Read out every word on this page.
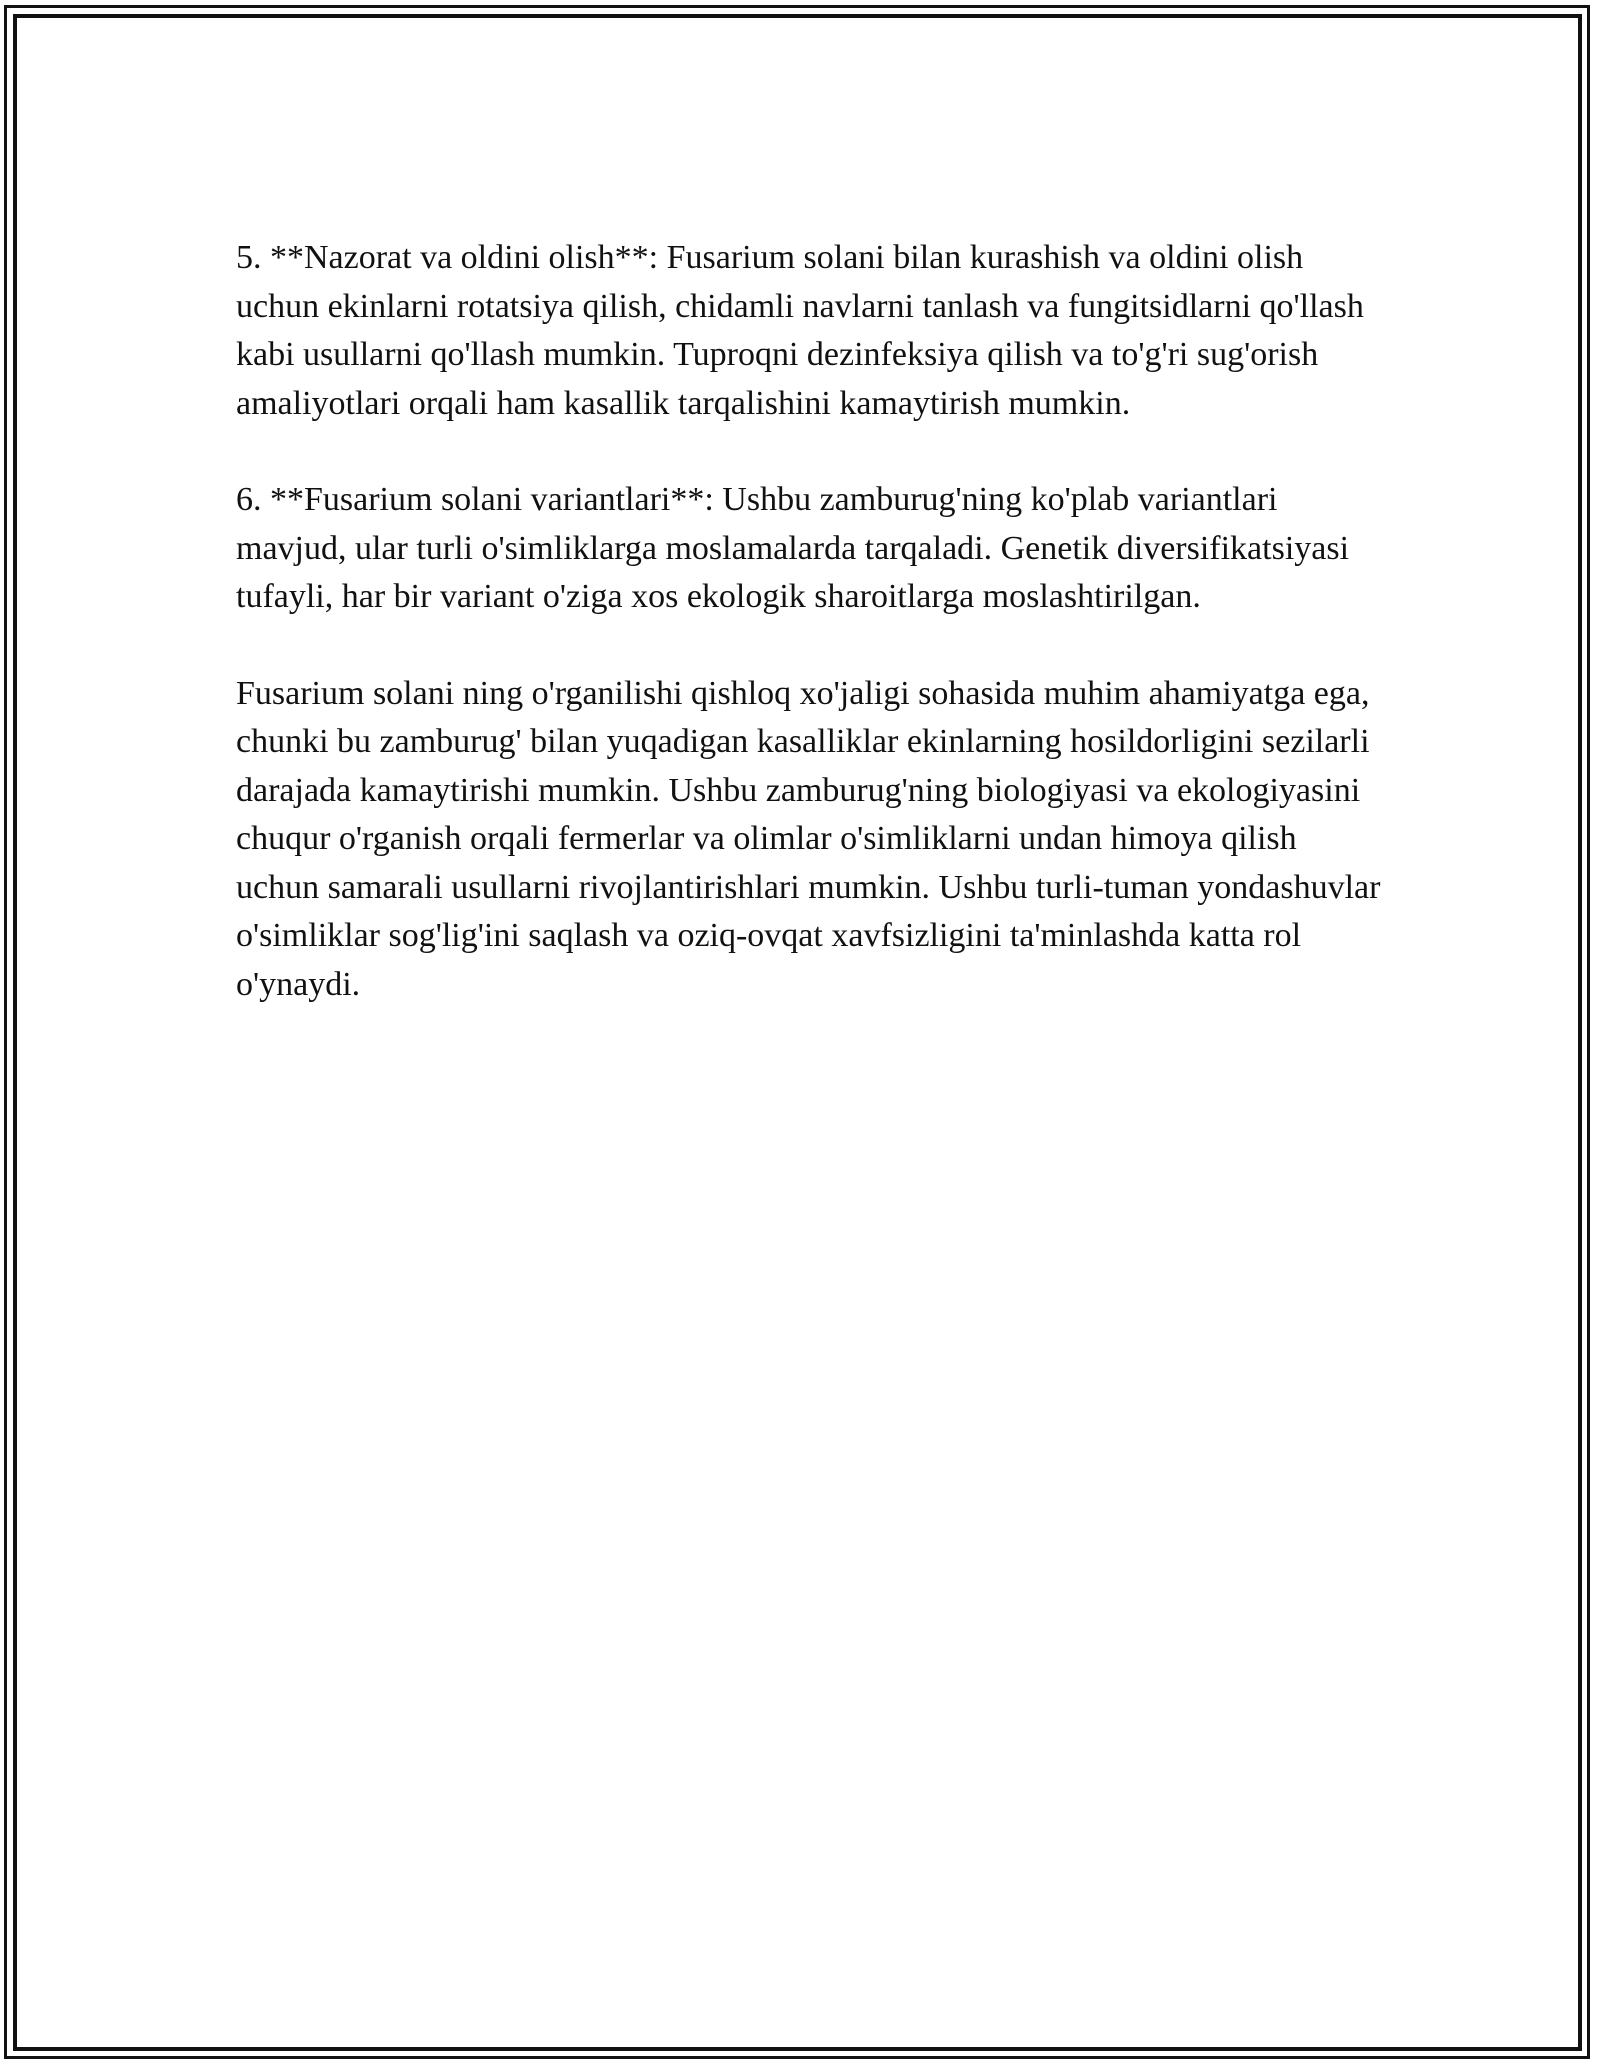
5. **Nazorat va oldini olish**: Fusarium solani bilan kurashish va oldini olish uchun ekinlarni rotatsiya qilish, chidamli navlarni tanlash va fungitsidlarni qo'llash kabi usullarni qo'llash mumkin. Tuproqni dezinfeksiya qilish va to'g'ri sug'orish amaliyotlari orqali ham kasallik tarqalishini kamaytirish mumkin.

6. **Fusarium solani variantlari**: Ushbu zamburug'ning ko'plab variantlari mavjud, ular turli o'simliklarga moslamalarda tarqaladi. Genetik diversifikatsiyasi tufayli, har bir variant o'ziga xos ekologik sharoitlarga moslashtirilgan.

Fusarium solani ning o'rganilishi qishloq xo'jaligi sohasida muhim ahamiyatga ega, chunki bu zamburug' bilan yuqadigan kasalliklar ekinlarning hosildorligini sezilarli darajada kamaytirishi mumkin. Ushbu zamburug'ning biologiyasi va ekologiyasini chuqur o'rganish orqali fermerlar va olimlar o'simliklarni undan himoya qilish uchun samarali usullarni rivojlantirishlari mumkin. Ushbu turli-tuman yondashuvlar o'simliklar sog'lig'ini saqlash va oziq-ovqat xavfsizligini ta'minlashda katta rol o'ynaydi.
